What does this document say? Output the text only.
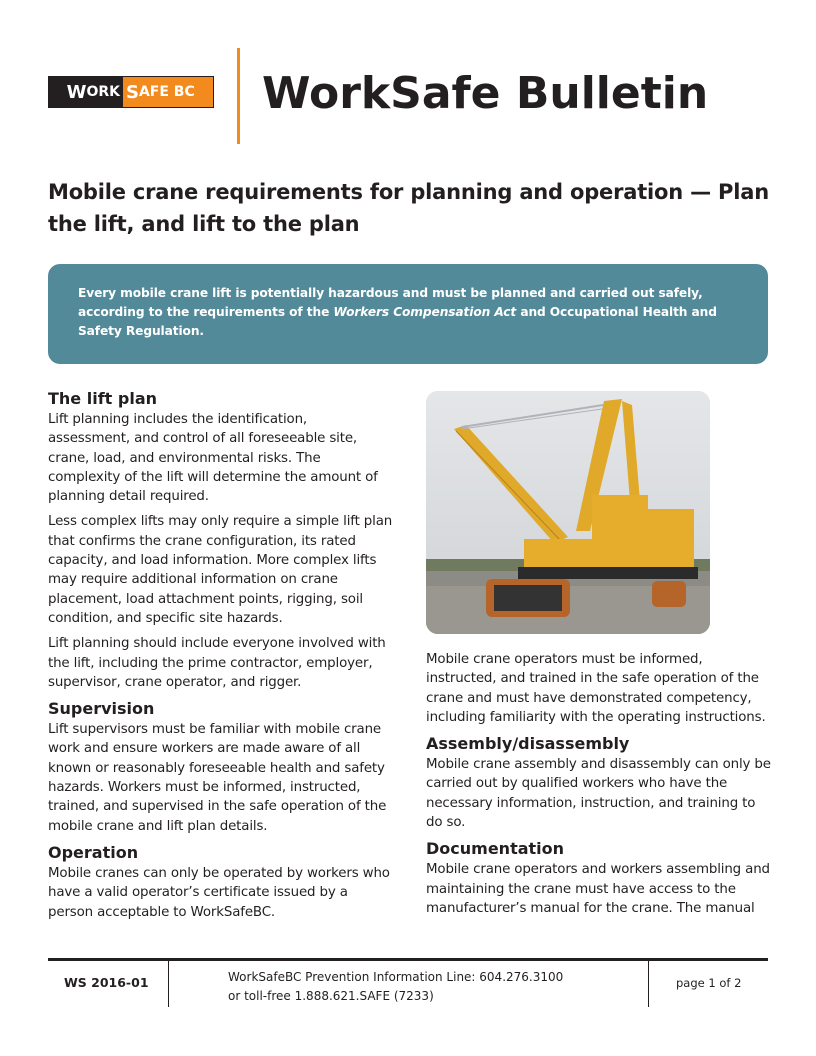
W ORK S AFE BC WorkSafe Bulletin
Mobile crane requirements for planning and operation — Plan the lift, and lift to the plan

Every mobile crane lift is potentially hazardous and must be planned and carried out safely, according to the requirements of the Workers Compensation Act and Occupational Health and Safety Regulation.

The lift plan

Lift planning includes the identification, assessment, and control of all foreseeable site, crane, load, and environmental risks. The complexity of the lift will determine the amount of planning detail required.

Less complex lifts may only require a simple lift plan that confirms the crane configuration, its rated capacity, and load information. More complex lifts may require additional information on crane placement, load attachment points, rigging, soil condition, and specific site hazards.

Lift planning should include everyone involved with the lift, including the prime contractor, employer, supervisor, crane operator, and rigger.

Supervision

Lift supervisors must be familiar with mobile crane work and ensure workers are made aware of all known or reasonably foreseeable health and safety hazards. Workers must be informed, instructed, trained, and supervised in the safe operation of the mobile crane and lift plan details.

Operation

Mobile cranes can only be operated by workers who have a valid operator’s certificate issued by a person acceptable to WorkSafeBC.

Mobile crane operators must be informed, instructed, and trained in the safe operation of the crane and must have demonstrated competency, including familiarity with the operating instructions.

Assembly/disassembly

Mobile crane assembly and disassembly can only be carried out by qualified workers who have the necessary information, instruction, and training to do so.

Documentation

Mobile crane operators and workers assembling and maintaining the crane must have access to the manufacturer’s manual for the crane. The manual

WS 2016-01	WorkSafeBC Prevention Information Line: 604.276.3100
or toll-free 1.888.621.SAFE (7233)
page 1 of 2
